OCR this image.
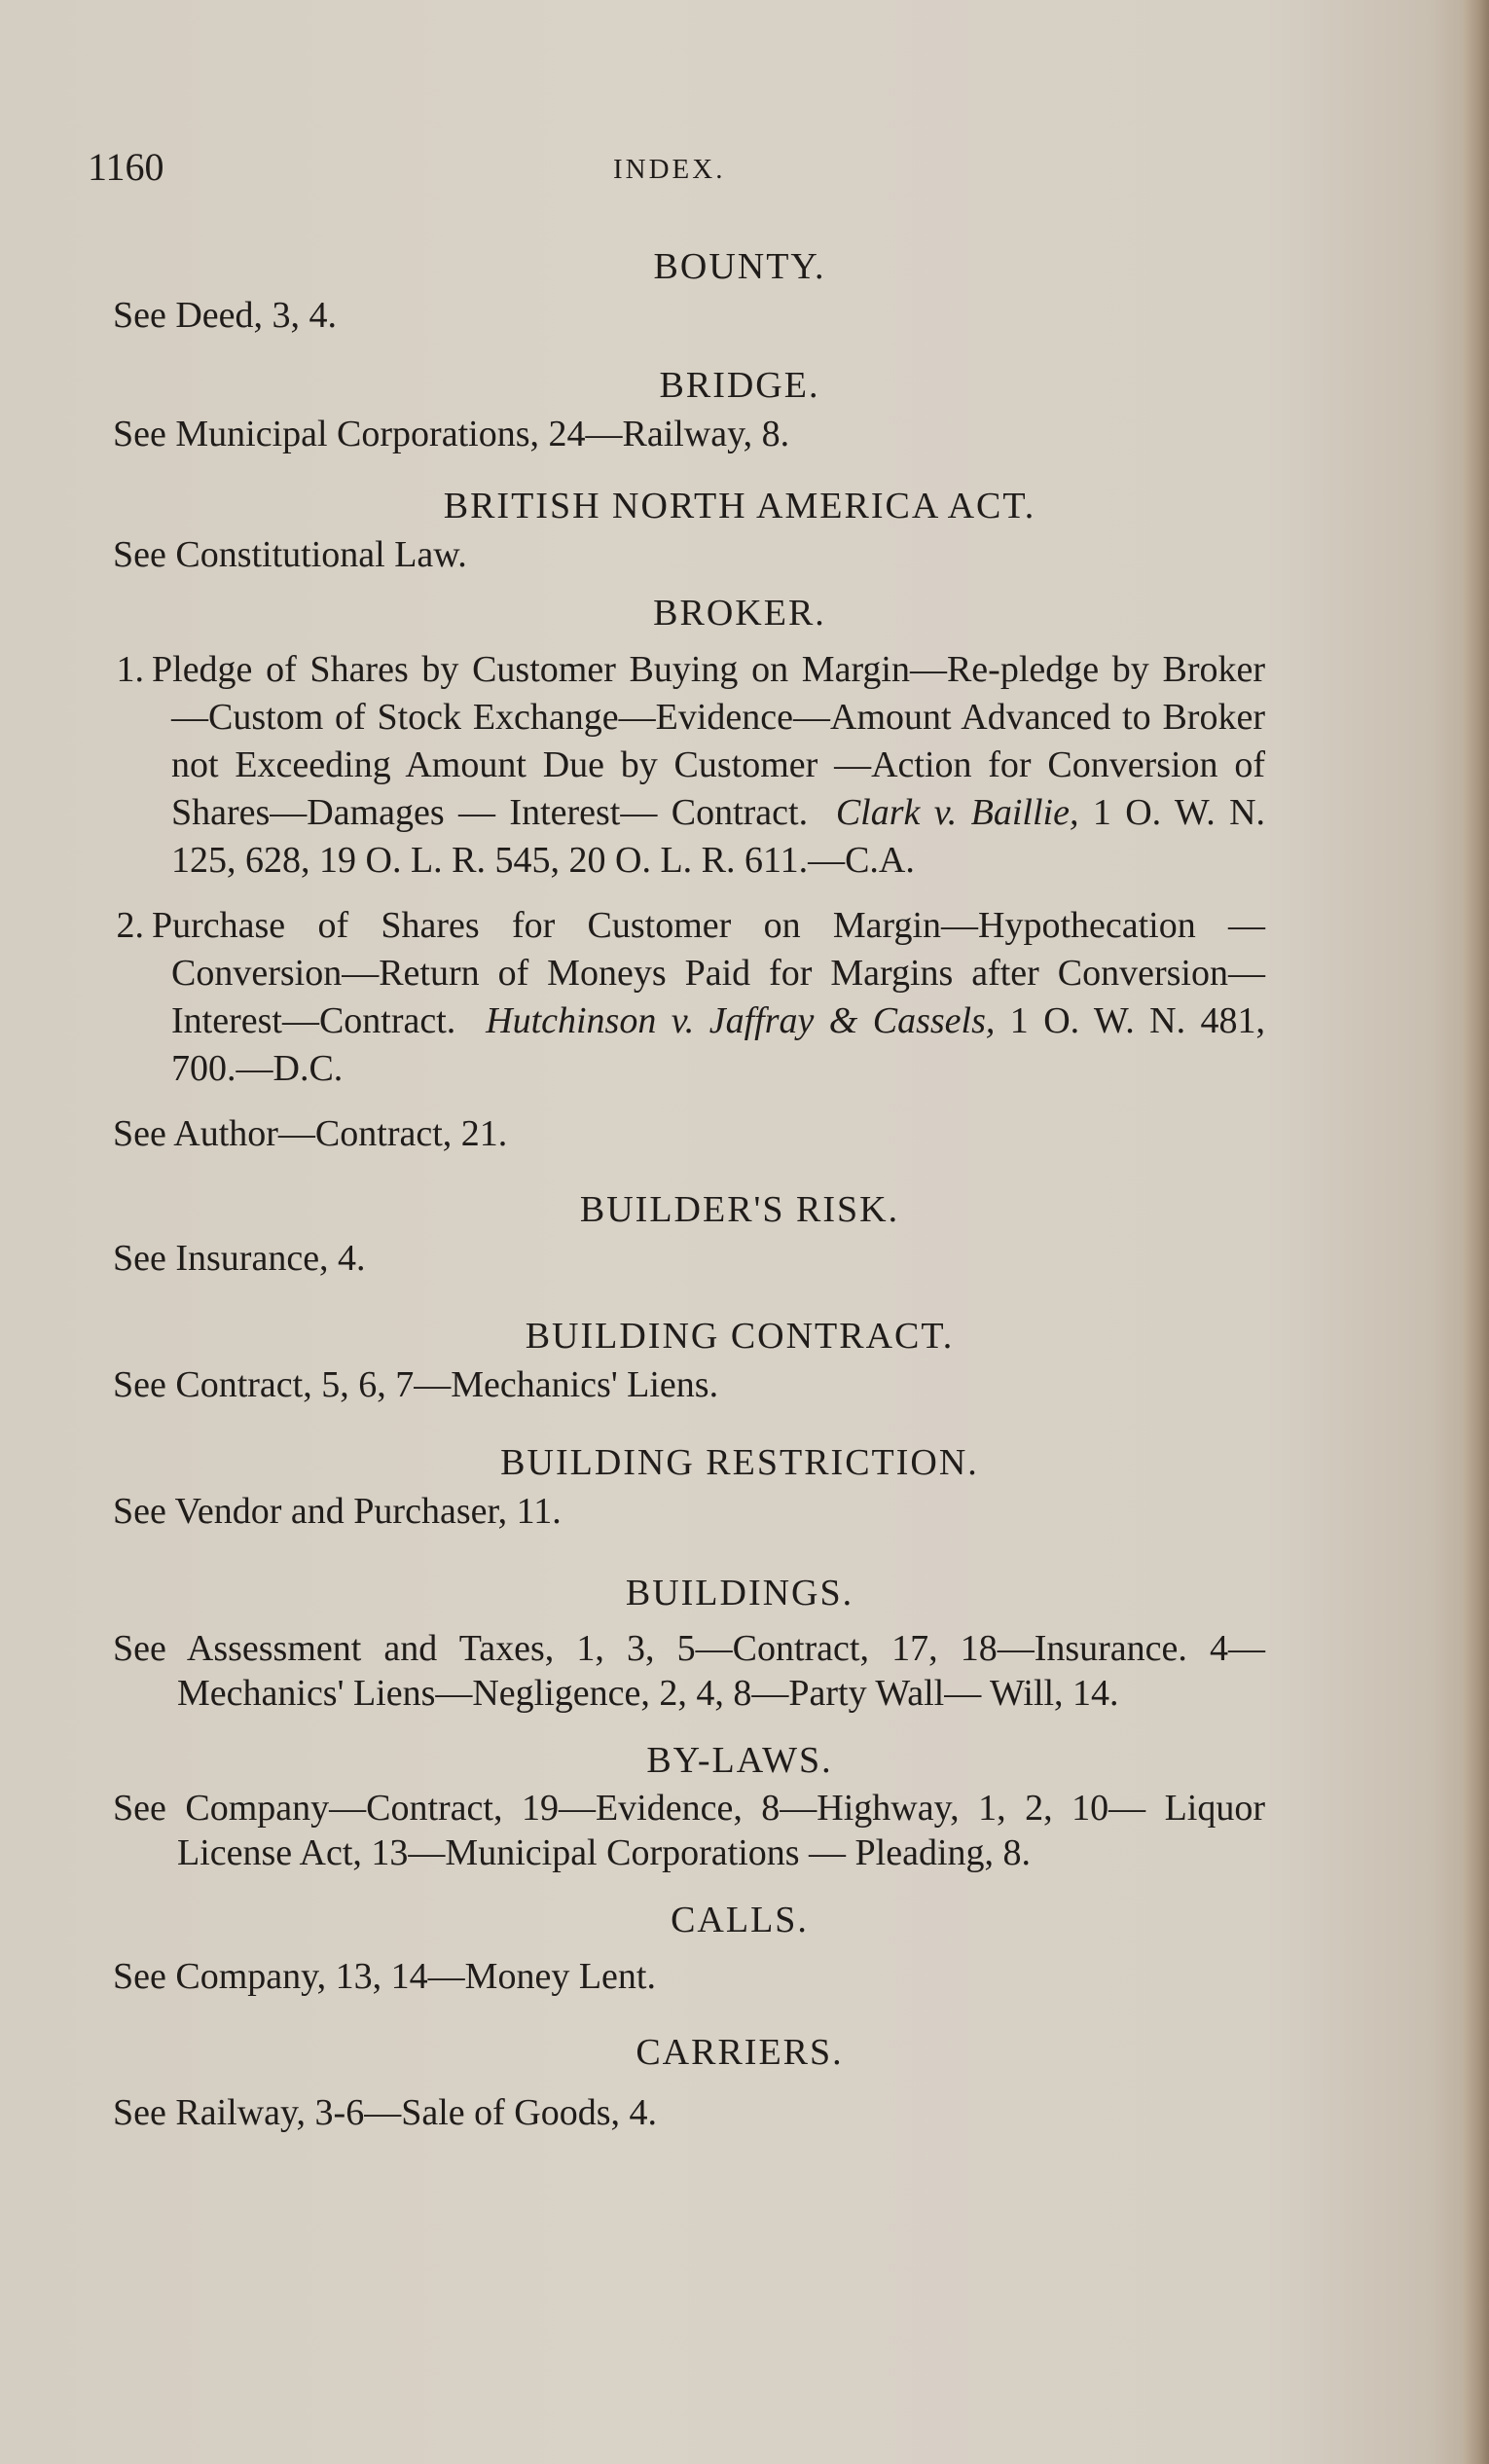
1160	INDEX.
BOUNTY.
See Deed, 3, 4.
BRIDGE.
See Municipal Corporations, 24—Railway, 8.
BRITISH NORTH AMERICA ACT.
See Constitutional Law.
BROKER.
1. Pledge of Shares by Customer Buying on Margin—Re-pledge by Broker—Custom of Stock Exchange—Evidence—Amount Advanced to Broker not Exceeding Amount Due by Customer —Action for Conversion of Shares—Damages — Interest— Contract. Clark v. Baillie, 1 O. W. N. 125, 628, 19 O. L. R. 545, 20 O. L. R. 611.—C.A.
2. Purchase of Shares for Customer on Margin—Hypothecation —Conversion—Return of Moneys Paid for Margins after Conversion—Interest—Contract. Hutchinson v. Jaffray & Cassels, 1 O. W. N. 481, 700.—D.C.
See Author—Contract, 21.
BUILDER'S RISK.
See Insurance, 4.
BUILDING CONTRACT.
See Contract, 5, 6, 7—Mechanics' Liens.
BUILDING RESTRICTION.
See Vendor and Purchaser, 11.
BUILDINGS.
See Assessment and Taxes, 1, 3, 5—Contract, 17, 18—Insurance. 4—Mechanics' Liens—Negligence, 2, 4, 8—Party Wall— Will, 14.
BY-LAWS.
See Company—Contract, 19—Evidence, 8—Highway, 1, 2, 10— Liquor License Act, 13—Municipal Corporations — Pleading, 8.
CALLS.
See Company, 13, 14—Money Lent.
CARRIERS.
See Railway, 3-6—Sale of Goods, 4.
